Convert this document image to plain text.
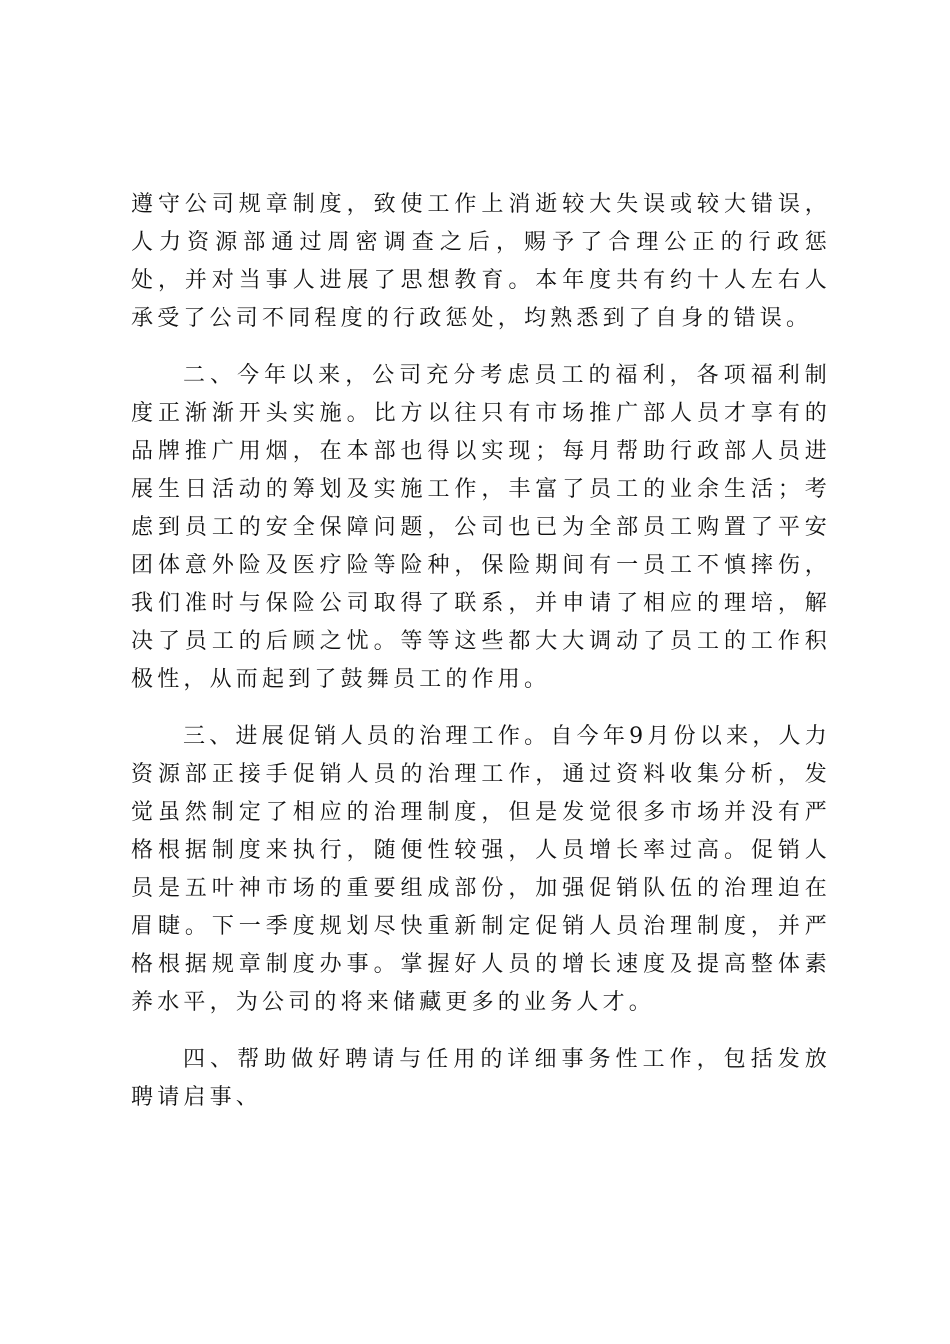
遵守公司规章制度，致使工作上消逝较大失误或较大错误，人力资源部通过周密调查之后，赐予了合理公正的行政惩处，并对当事人进展了思想教育。本年度共有约十人左右人承受了公司不同程度的行政惩处，均熟悉到了自身的错误。

二、今年以来，公司充分考虑员工的福利，各项福利制度正渐渐开头实施。比方以往只有市场推广部人员才享有的品牌推广用烟，在本部也得以实现；每月帮助行政部人员进展生日活动的筹划及实施工作，丰富了员工的业余生活；考虑到员工的安全保障问题，公司也已为全部员工购置了平安团体意外险及医疗险等险种，保险期间有一员工不慎摔伤，我们准时与保险公司取得了联系，并申请了相应的理培，解决了员工的后顾之忧。等等这些都大大调动了员工的工作积极性，从而起到了鼓舞员工的作用。

三、进展促销人员的治理工作。自今年9月份以来，人力资源部正接手促销人员的治理工作，通过资料收集分析，发觉虽然制定了相应的治理制度，但是发觉很多市场并没有严格根据制度来执行，随便性较强，人员增长率过高。促销人员是五叶神市场的重要组成部份，加强促销队伍的治理迫在眉睫。下一季度规划尽快重新制定促销人员治理制度，并严格根据规章制度办事。掌握好人员的增长速度及提高整体素养水平，为公司的将来储藏更多的业务人才。

四、帮助做好聘请与任用的详细事务性工作，包括发放聘请启事、
